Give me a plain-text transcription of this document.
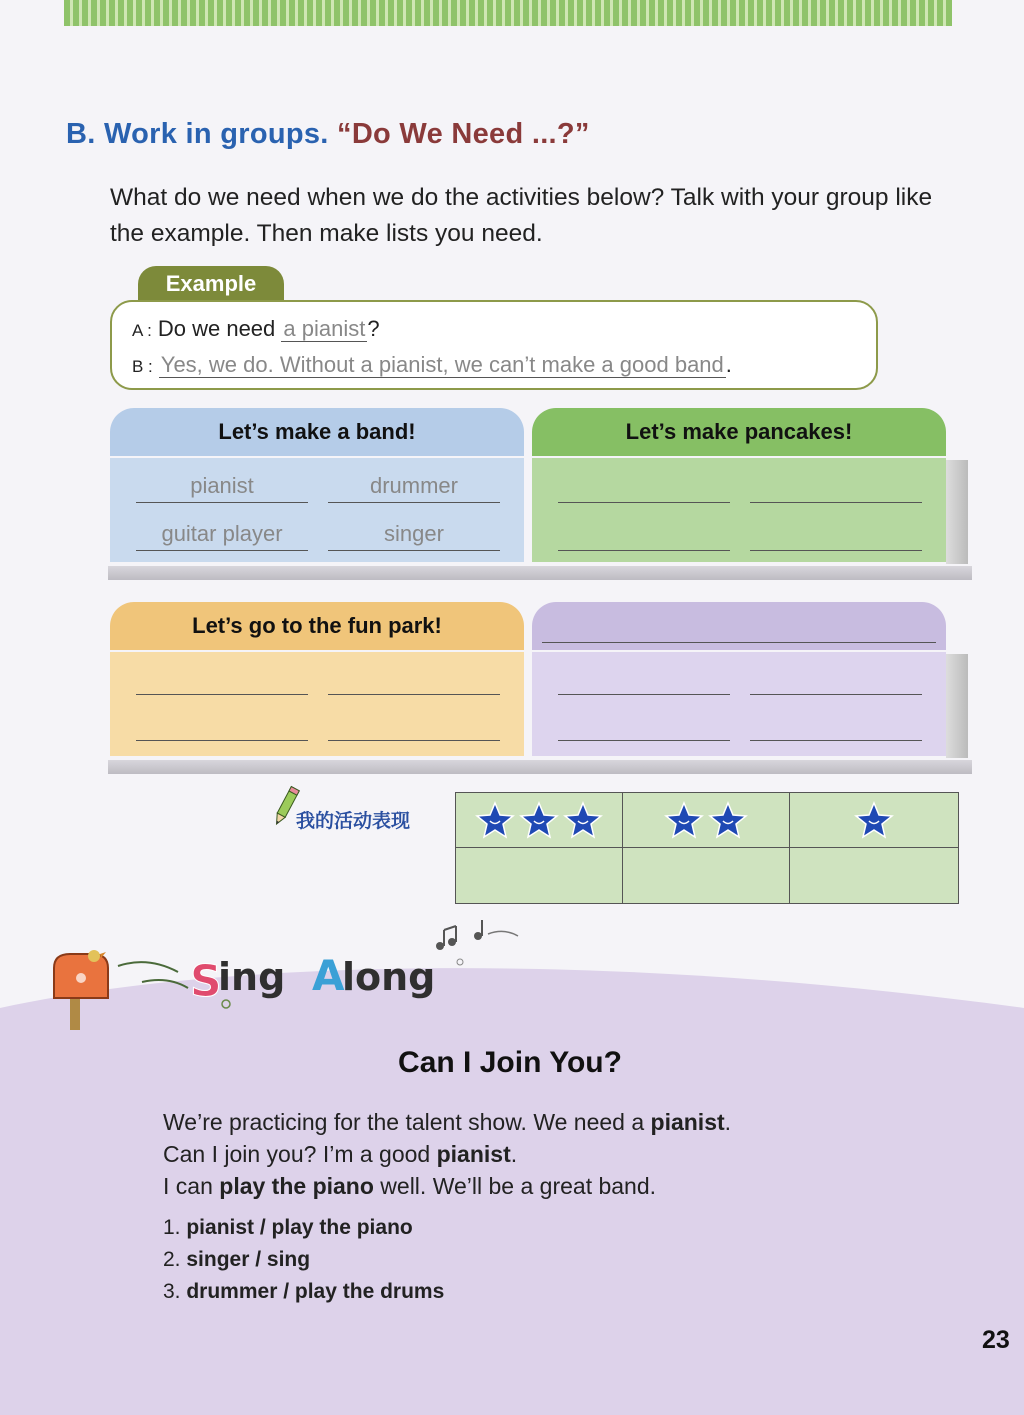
B. Work in groups. “Do We Need ...?”
What do we need when we do the activities below? Talk with your group like the example. Then make lists you need.
Example
A : Do we need a pianist?
B : Yes, we do. Without a pianist, we can’t make a good band.
Let’s make a band!
pianist	drummer
guitar player	singer
Let’s make pancakes!
Let’s go to the fun park!
我的活动表现
S
ing A
long
Can I Join You?
We’re practicing for the talent show. We need a pianist.
Can I join you? I’m a good pianist.
I can play the piano well. We’ll be a great band.
1. pianist / play the piano
2. singer / sing
3. drummer / play the drums
23
